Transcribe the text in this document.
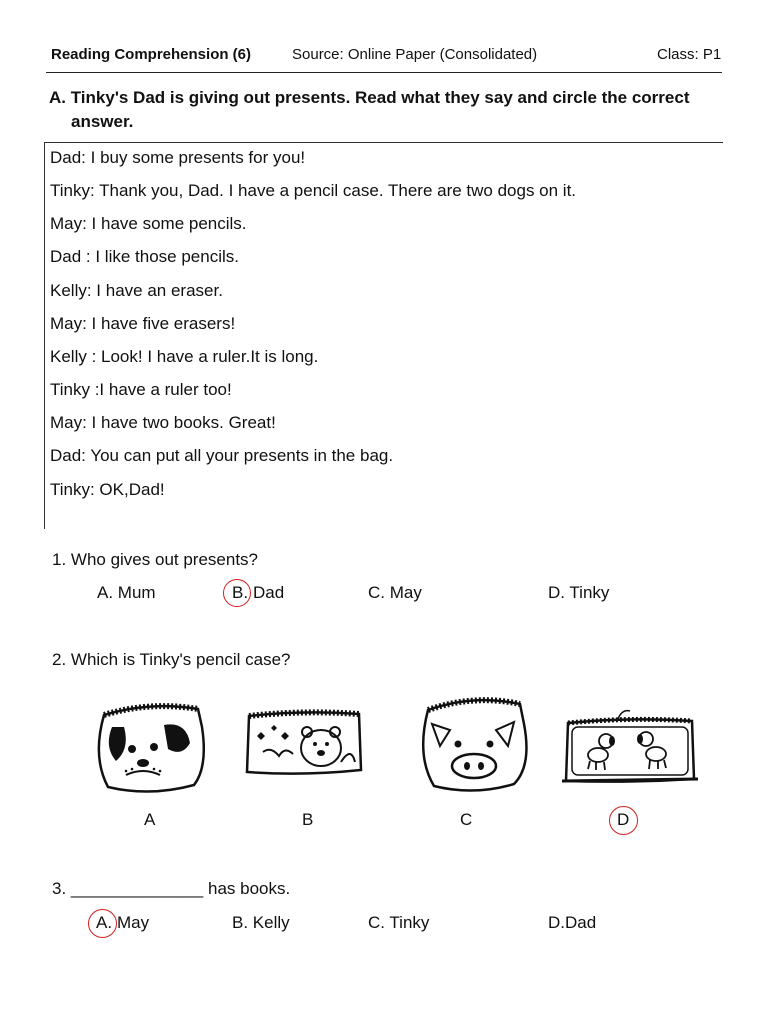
Reading Comprehension (6)	Source: Online Paper (Consolidated)	Class: P1
A. Tinky's Dad is giving out presents. Read what they say and circle the correct
answer.
Dad: I buy some presents for you!
Tinky: Thank you, Dad. I have a pencil case. There are two dogs on it.
May: I have some pencils.
Dad : I like those pencils.
Kelly: I have an eraser.
May: I have five erasers!
Kelly : Look! I have a ruler.It is long.
Tinky :I have a ruler too!
May: I have two books. Great!
Dad: You can put all your presents in the bag.
Tinky: OK,Dad!
1. Who gives out presents?
A. Mum	B. Dad	C. May	D. Tinky
2. Which is Tinky's pencil case?
A	B	C	D
3. ______________ has books.
A. May	B. Kelly	C. Tinky	D.Dad
